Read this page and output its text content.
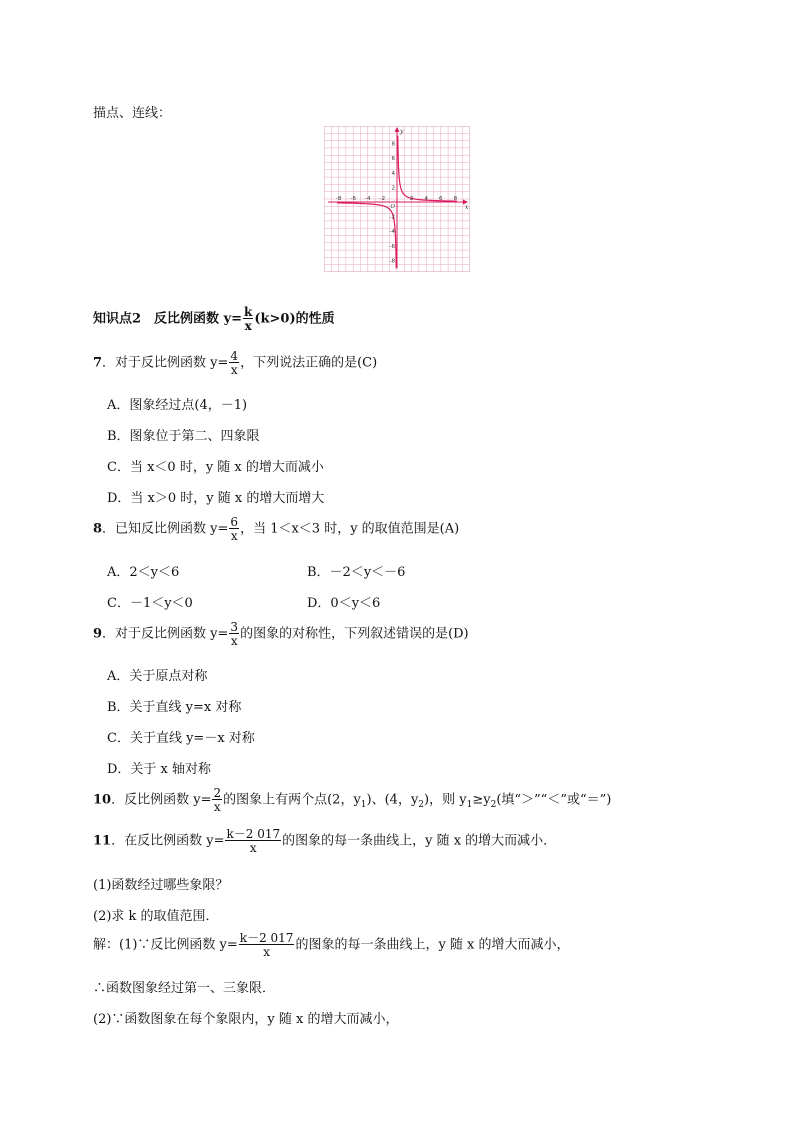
描点、连线：
-8 -6 -4 -2	2 4 6 8
8
6
4
2
-2
-4
-6
-8
O	x
y
知识点2　反比例函数 $y= \frac{k}{x} (k>0)$的性质
7．对于反比例函数 $y= \frac{4}{x}$ ，下列说法正确的是(C)
A．图象经过点(4，－1)
B．图象位于第二、四象限
C．当 x＜0 时，y 随 x 的增大而减小
D．当 x＞0 时，y 随 x 的增大而增大
8．已知反比例函数 $y= \frac{6}{x}$ ，当 1＜x＜3 时，y 的取值范围是(A)
A．2＜y＜6	B．－2＜y＜－6
C．－1＜y＜0	D．0＜y＜6
9．对于反比例函数 $y= \frac{3}{x}$ 的图象的对称性，下列叙述错误的是(D)
A．关于原点对称
B．关于直线 y=x 对称
C．关于直线 y=－x 对称
D．关于 x 轴对称
10．反比例函数 $y= \frac{2}{x}$ 的图象上有两个点(2，$y_1$)、(4，$y_2$)，则 $y_1\ge y_2$(填“＞”“＜”或“＝”)
11．在反比例函数 $y= \frac{k-2 017}{x}$ 的图象的每一条曲线上，y 随 x 的增大而减小．
(1)函数经过哪些象限？
(2)求 k 的取值范围．
解：(1)∵反比例函数 $y= \frac{k-2 017}{x}$ 的图象的每一条曲线上，y 随 x 的增大而减小，
∴函数图象经过第一、三象限．
(2)∵函数图象在每个象限内，y 随 x 的增大而减小，
